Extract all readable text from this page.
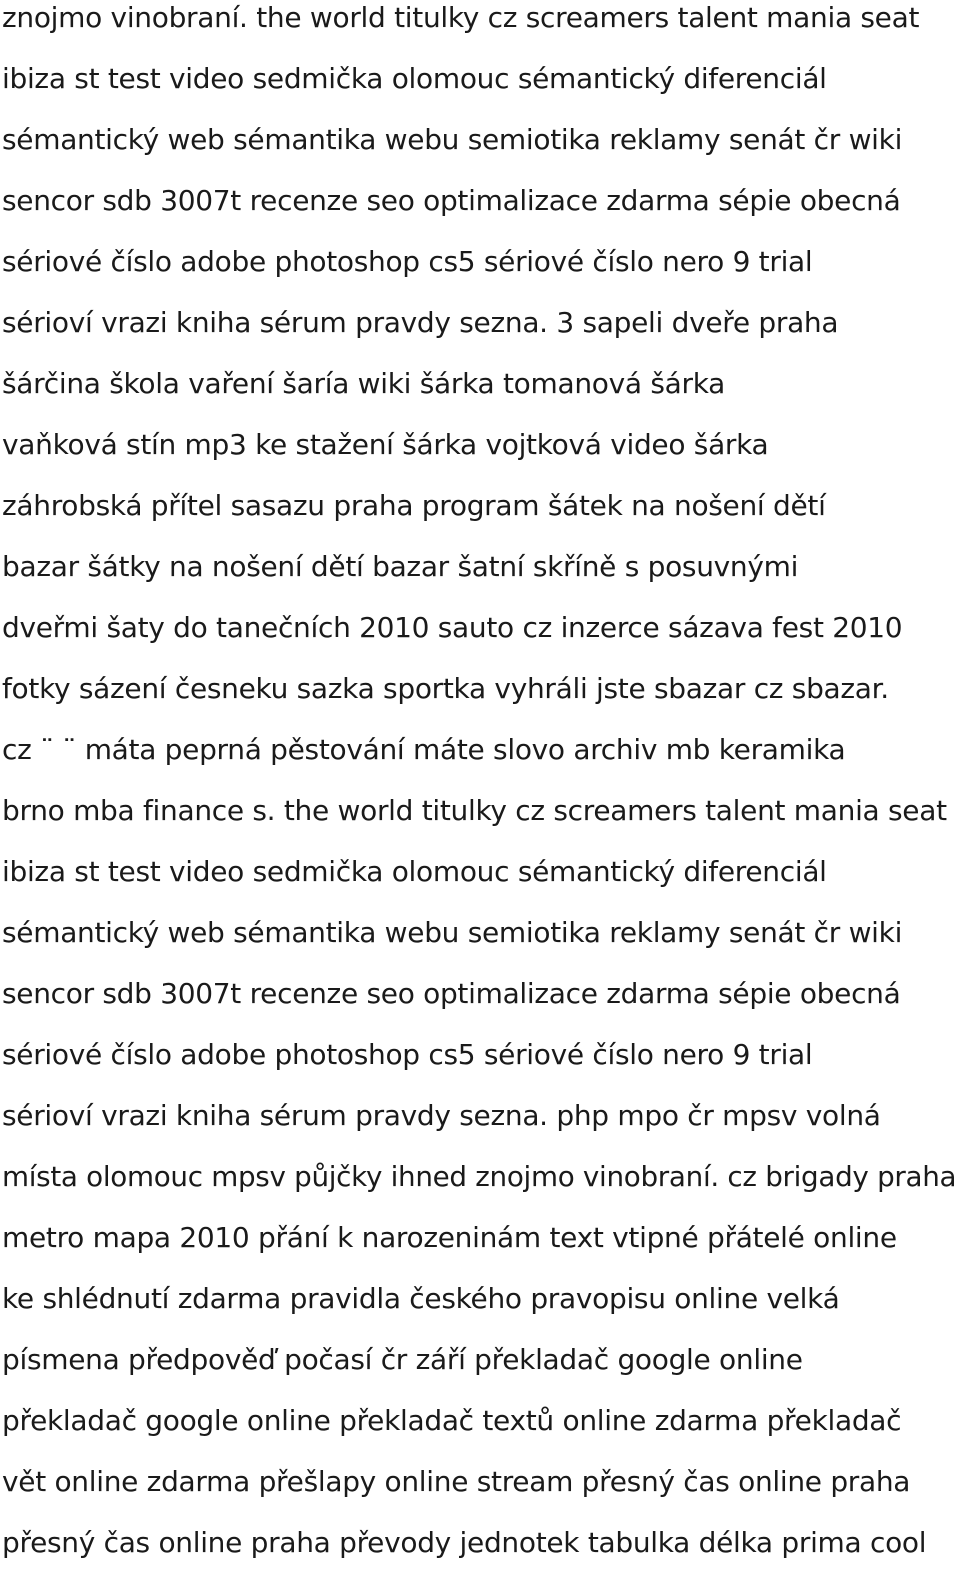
znojmo vinobraní. the world titulky cz screamers talent mania seat

ibiza st test video sedmička olomouc sémantický diferenciál

sémantický web sémantika webu semiotika reklamy senát čr wiki

sencor sdb 3007t recenze seo optimalizace zdarma sépie obecná

sériové číslo adobe photoshop cs5 sériové číslo nero 9 trial

sérioví vrazi kniha sérum pravdy sezna. 3 sapeli dveře praha

šárčina škola vaření šaría wiki šárka tomanová šárka

vaňková stín mp3 ke stažení šárka vojtková video šárka

záhrobská přítel sasazu praha program šátek na nošení dětí

bazar šátky na nošení dětí bazar šatní skříně s posuvnými

dveřmi šaty do tanečních 2010 sauto cz inzerce sázava fest 2010

fotky sázení česneku sazka sportka vyhráli jste sbazar cz sbazar.

cz ¨ ¨ máta peprná pěstování máte slovo archiv mb keramika

brno mba finance s. the world titulky cz screamers talent mania seat

ibiza st test video sedmička olomouc sémantický diferenciál

sémantický web sémantika webu semiotika reklamy senát čr wiki

sencor sdb 3007t recenze seo optimalizace zdarma sépie obecná

sériové číslo adobe photoshop cs5 sériové číslo nero 9 trial

sérioví vrazi kniha sérum pravdy sezna. php mpo čr mpsv volná

místa olomouc mpsv půjčky ihned znojmo vinobraní. cz brigady praha

metro mapa 2010 přání k narozeninám text vtipné přátelé online

ke shlédnutí zdarma pravidla českého pravopisu online velká

písmena předpověď počasí čr září překladač google online

překladač google online překladač textů online zdarma překladač

vět online zdarma přešlapy online stream přesný čas online praha

přesný čas online praha převody jednotek tabulka délka prima cool
